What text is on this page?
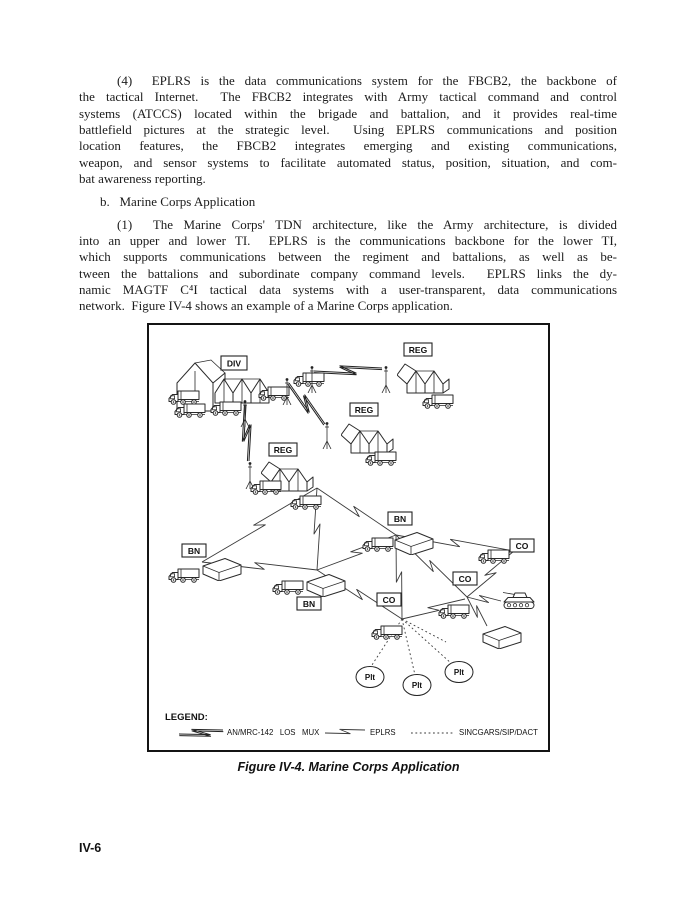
(4)  EPLRS is the data communications system for the FBCB2, the backbone of
the tactical Internet.  The FBCB2 integrates with Army tactical command and control
systems (ATCCS) located within the brigade and battalion, and it provides real-time
battlefield pictures at the strategic level.  Using EPLRS communications and position
location features, the FBCB2 integrates emerging and existing communications,
weapon, and sensor systems to facilitate automated status, position, situation, and com-
bat awareness reporting.
b.   Marine Corps Application
(1)  The Marine Corps' TDN architecture, like the Army architecture, is divided
into an upper and lower TI.  EPLRS is the communications backbone for the lower TI,
which supports communications between the regiment and battalions, as well as be-
tween the battalions and subordinate company command levels.  EPLRS links the dy-
namic MAGTF C⁴I tactical data systems with a user-transparent, data communications
network.  Figure IV-4 shows an example of a Marine Corps application.
DIV
REG
REG
REG
BN
BN
BN
CO
CO
CO
Plt
Plt
Plt
LEGEND:
AN/MRC-142   LOS   MUX	EPLRS	SINCGARS/SIP/DACT
Figure IV-4. Marine Corps Application
IV-6
